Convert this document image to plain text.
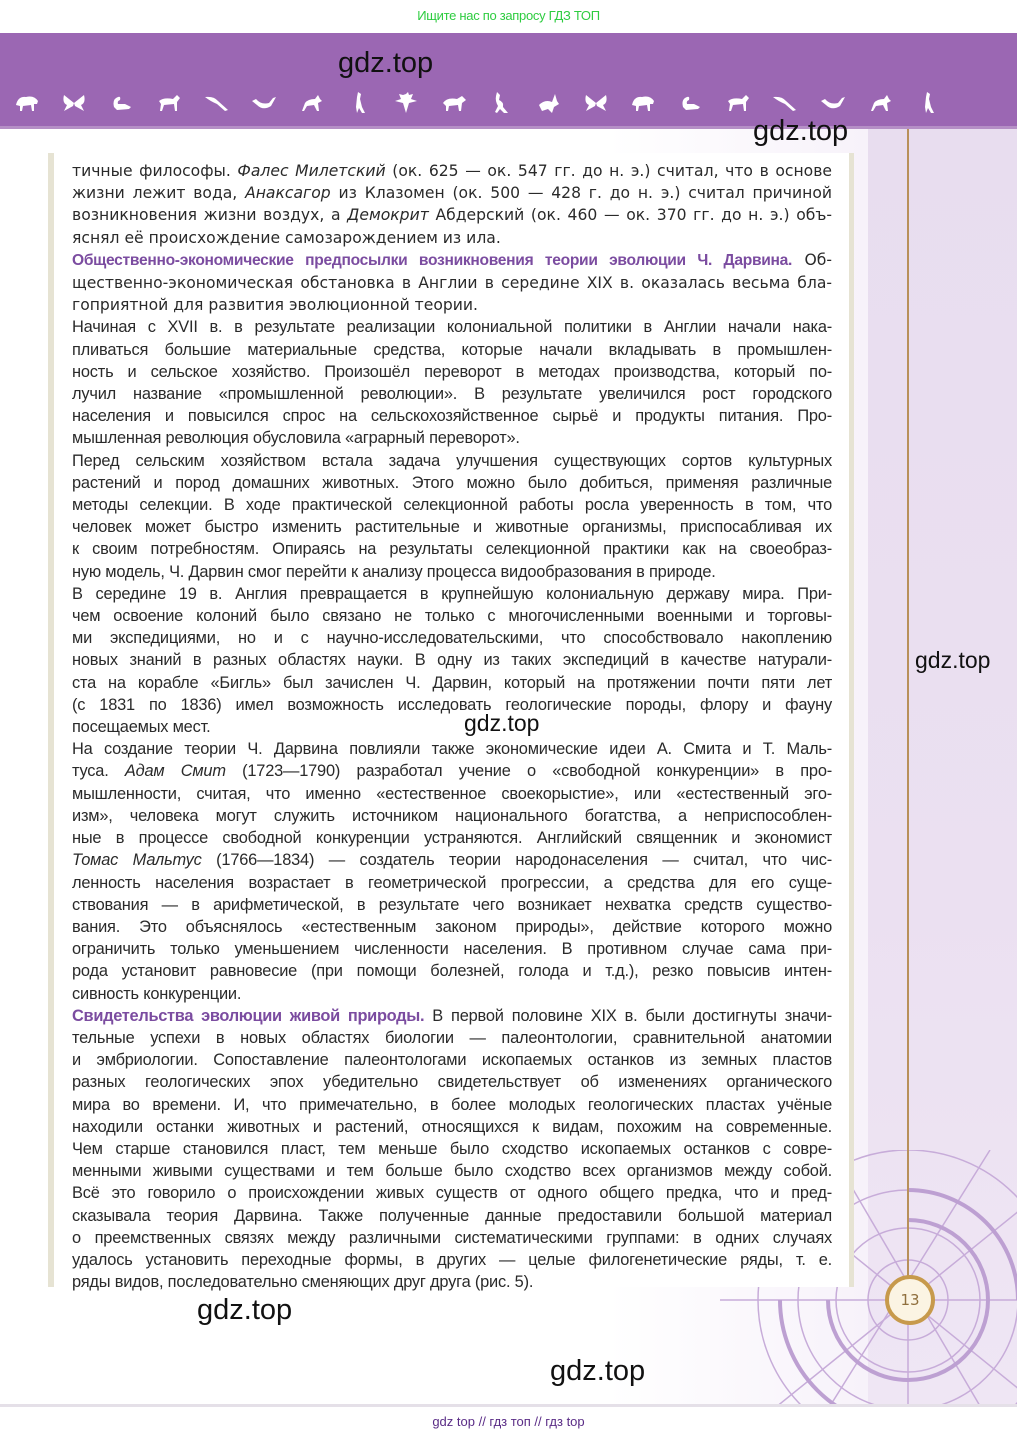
Ищите нас по запросу ГДЗ ТОП
13

тичные философы. Фалес Милетский (ок. 625 — ок. 547 гг. до н. э.) считал, что в основе
жизни лежит вода, Анаксагор из Клазомен (ок. 500 — 428 г. до н. э.) считал причиной
возникновения жизни воздух, а Демокрит Абдерский (ок. 460 — ок. 370 гг. до н. э.) объ-
яснял её происхождение самозарождением из ила.

Общественно-экономические предпосылки возникновения теории эволюции Ч. Дарвина. Об-
щественно-экономическая обстановка в Англии в середине XIX в. оказалась весьма бла-
гоприятной для развития эволюционной теории.

Начиная с XVII в. в результате реализации колониальной политики в Англии начали нака-
пливаться большие материальные средства, которые начали вкладывать в промышлен-
ность и сельское хозяйство. Произошёл переворот в методах производства, который по-
лучил название «промышленной революции». В результате увеличился рост городского
населения и повысился спрос на сельскохозяйственное сырьё и продукты питания. Про-
мышленная революция обусловила «аграрный переворот».

Перед сельским хозяйством встала задача улучшения существующих сортов культурных
растений и пород домашних животных. Этого можно было добиться, применяя различные
методы селекции. В ходе практической селекционной работы росла уверенность в том, что
человек может быстро изменить растительные и животные организмы, приспосабливая их
к своим потребностям. Опираясь на результаты селекционной практики как на своеобраз-
ную модель, Ч. Дарвин смог перейти к анализу процесса видообразования в природе.

В середине 19 в. Англия превращается в крупнейшую колониальную державу мира. При-
чем освоение колоний было связано не только с многочисленными военными и торговы-
ми экспедициями, но и с научно-исследовательскими, что способствовало накоплению
новых знаний в разных областях науки. В одну из таких экспедиций в качестве натурали-
ста на корабле «Бигль» был зачислен Ч. Дарвин, который на протяжении почти пяти лет
(с 1831 по 1836) имел возможность исследовать геологические породы, флору и фауну
посещаемых мест.

На создание теории Ч. Дарвина повлияли также экономические идеи А. Смита и Т. Маль-
туса. Адам Смит (1723—1790) разработал учение о «свободной конкуренции» в про-
мышленности, считая, что именно «естественное своекорыстие», или «естественный эго-
изм», человека могут служить источником национального богатства, а неприспособлен-
ные в процессе свободной конкуренции устраняются. Английский священник и экономист
Томас Мальтус (1766—1834) — создатель теории народонаселения — считал, что чис-
ленность населения возрастает в геометрической прогрессии, а средства для его суще-
ствования — в арифметической, в результате чего возникает нехватка средств существо-
вания. Это объяснялось «естественным законом природы», действие которого можно
ограничить только уменьшением численности населения. В противном случае сама при-
рода установит равновесие (при помощи болезней, голода и т.д.), резко повысив интен-
сивность конкуренции.

Свидетельства эволюции живой природы. В первой половине XIX в. были достигнуты значи-
тельные успехи в новых областях биологии — палеонтологии, сравнительной анатомии
и эмбриологии. Сопоставление палеонтологами ископаемых останков из земных пластов
разных геологических эпох убедительно свидетельствует об изменениях органического
мира во времени. И, что примечательно, в более молодых геологических пластах учёные
находили останки животных и растений, относящихся к видам, похожим на современные.
Чем старше становился пласт, тем меньше было сходство ископаемых останков с совре-
менными живыми существами и тем больше было сходство всех организмов между собой.
Всё это говорило о происхождении живых существ от одного общего предка, что и пред-
сказывала теория Дарвина. Также полученные данные предоставили большой материал
о преемственных связях между различными систематическими группами: в одних случаях
удалось установить переходные формы, в других — целые филогенетические ряды, т. е.
ряды видов, последовательно сменяющих друг друга (рис. 5).

gdz.top
gdz.top
gdz.top
gdz.top
gdz.top
gdz.top
gdz top // гдз топ // гдз top
